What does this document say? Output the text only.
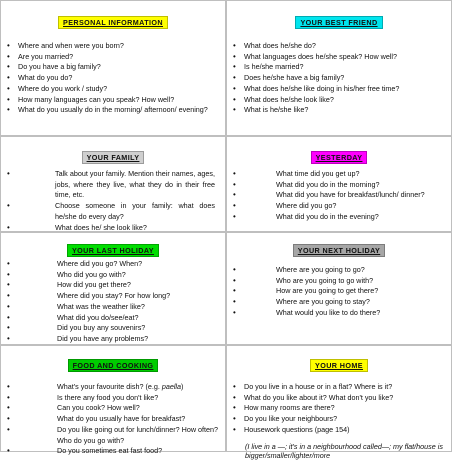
PERSONAL INFORMATION
• Where and when were you born?
• Are you married?
• Do you have a big family?
• What do you do?
• Where do you work / study?
• How many languages can you speak? How well?
• What do you usually do in the morning/ afternoon/ evening?
YOUR BEST FRIEND
• What does he/she do?
• What languages does he/she speak? How well?
• Is he/she married?
• Does he/she have a big family?
• What does he/she like doing in his/her free time?
• What does he/she look like?
• What is he/she like?
YOUR FAMILY
• Talk about your family. Mention their names, ages, jobs, where they live, what they do in their free time, etc.
• Choose someone in your family: what does he/she do every day?
• What does he/ she look like?
•
YESTERDAY
• What time did you get up?
• What did you do in the morning?
• What did you have for breakfast/lunch/ dinner?
• Where did you go?
• What did you do in the evening?
YOUR LAST HOLIDAY
• Where did you go? When?
• Who did you go with?
• How did you get there?
• Where did you stay? For how long?
• What was the weather like?
• What did you do/see/eat?
• Did you buy any souvenirs?
• Did you have any problems?
•
YOUR NEXT HOLIDAY
• Where are you going to go?
• Who are you going to go with?
• How are you going to get there?
• Where are you going to stay?
• What would you like to do there?
FOOD AND COOKING
• What's your favourite dish? (e.g. paella)
• Is there any food you don't like?
• Can you cook? How well?
• What do you usually have for breakfast?
• Do you like going out for lunch/dinner? How often? Who do you go with?
• Do you sometimes eat fast food?
YOUR HOME
• Do you live in a house or in a flat? Where is it?
• What do you like about it? What don't you like?
• How many rooms are there?
• Do you like your neighbours?
• Housework questions (page 154)
(I live in a —; it's in a neighbourhood called—; my flat/house is bigger/smaller/lighter/more
